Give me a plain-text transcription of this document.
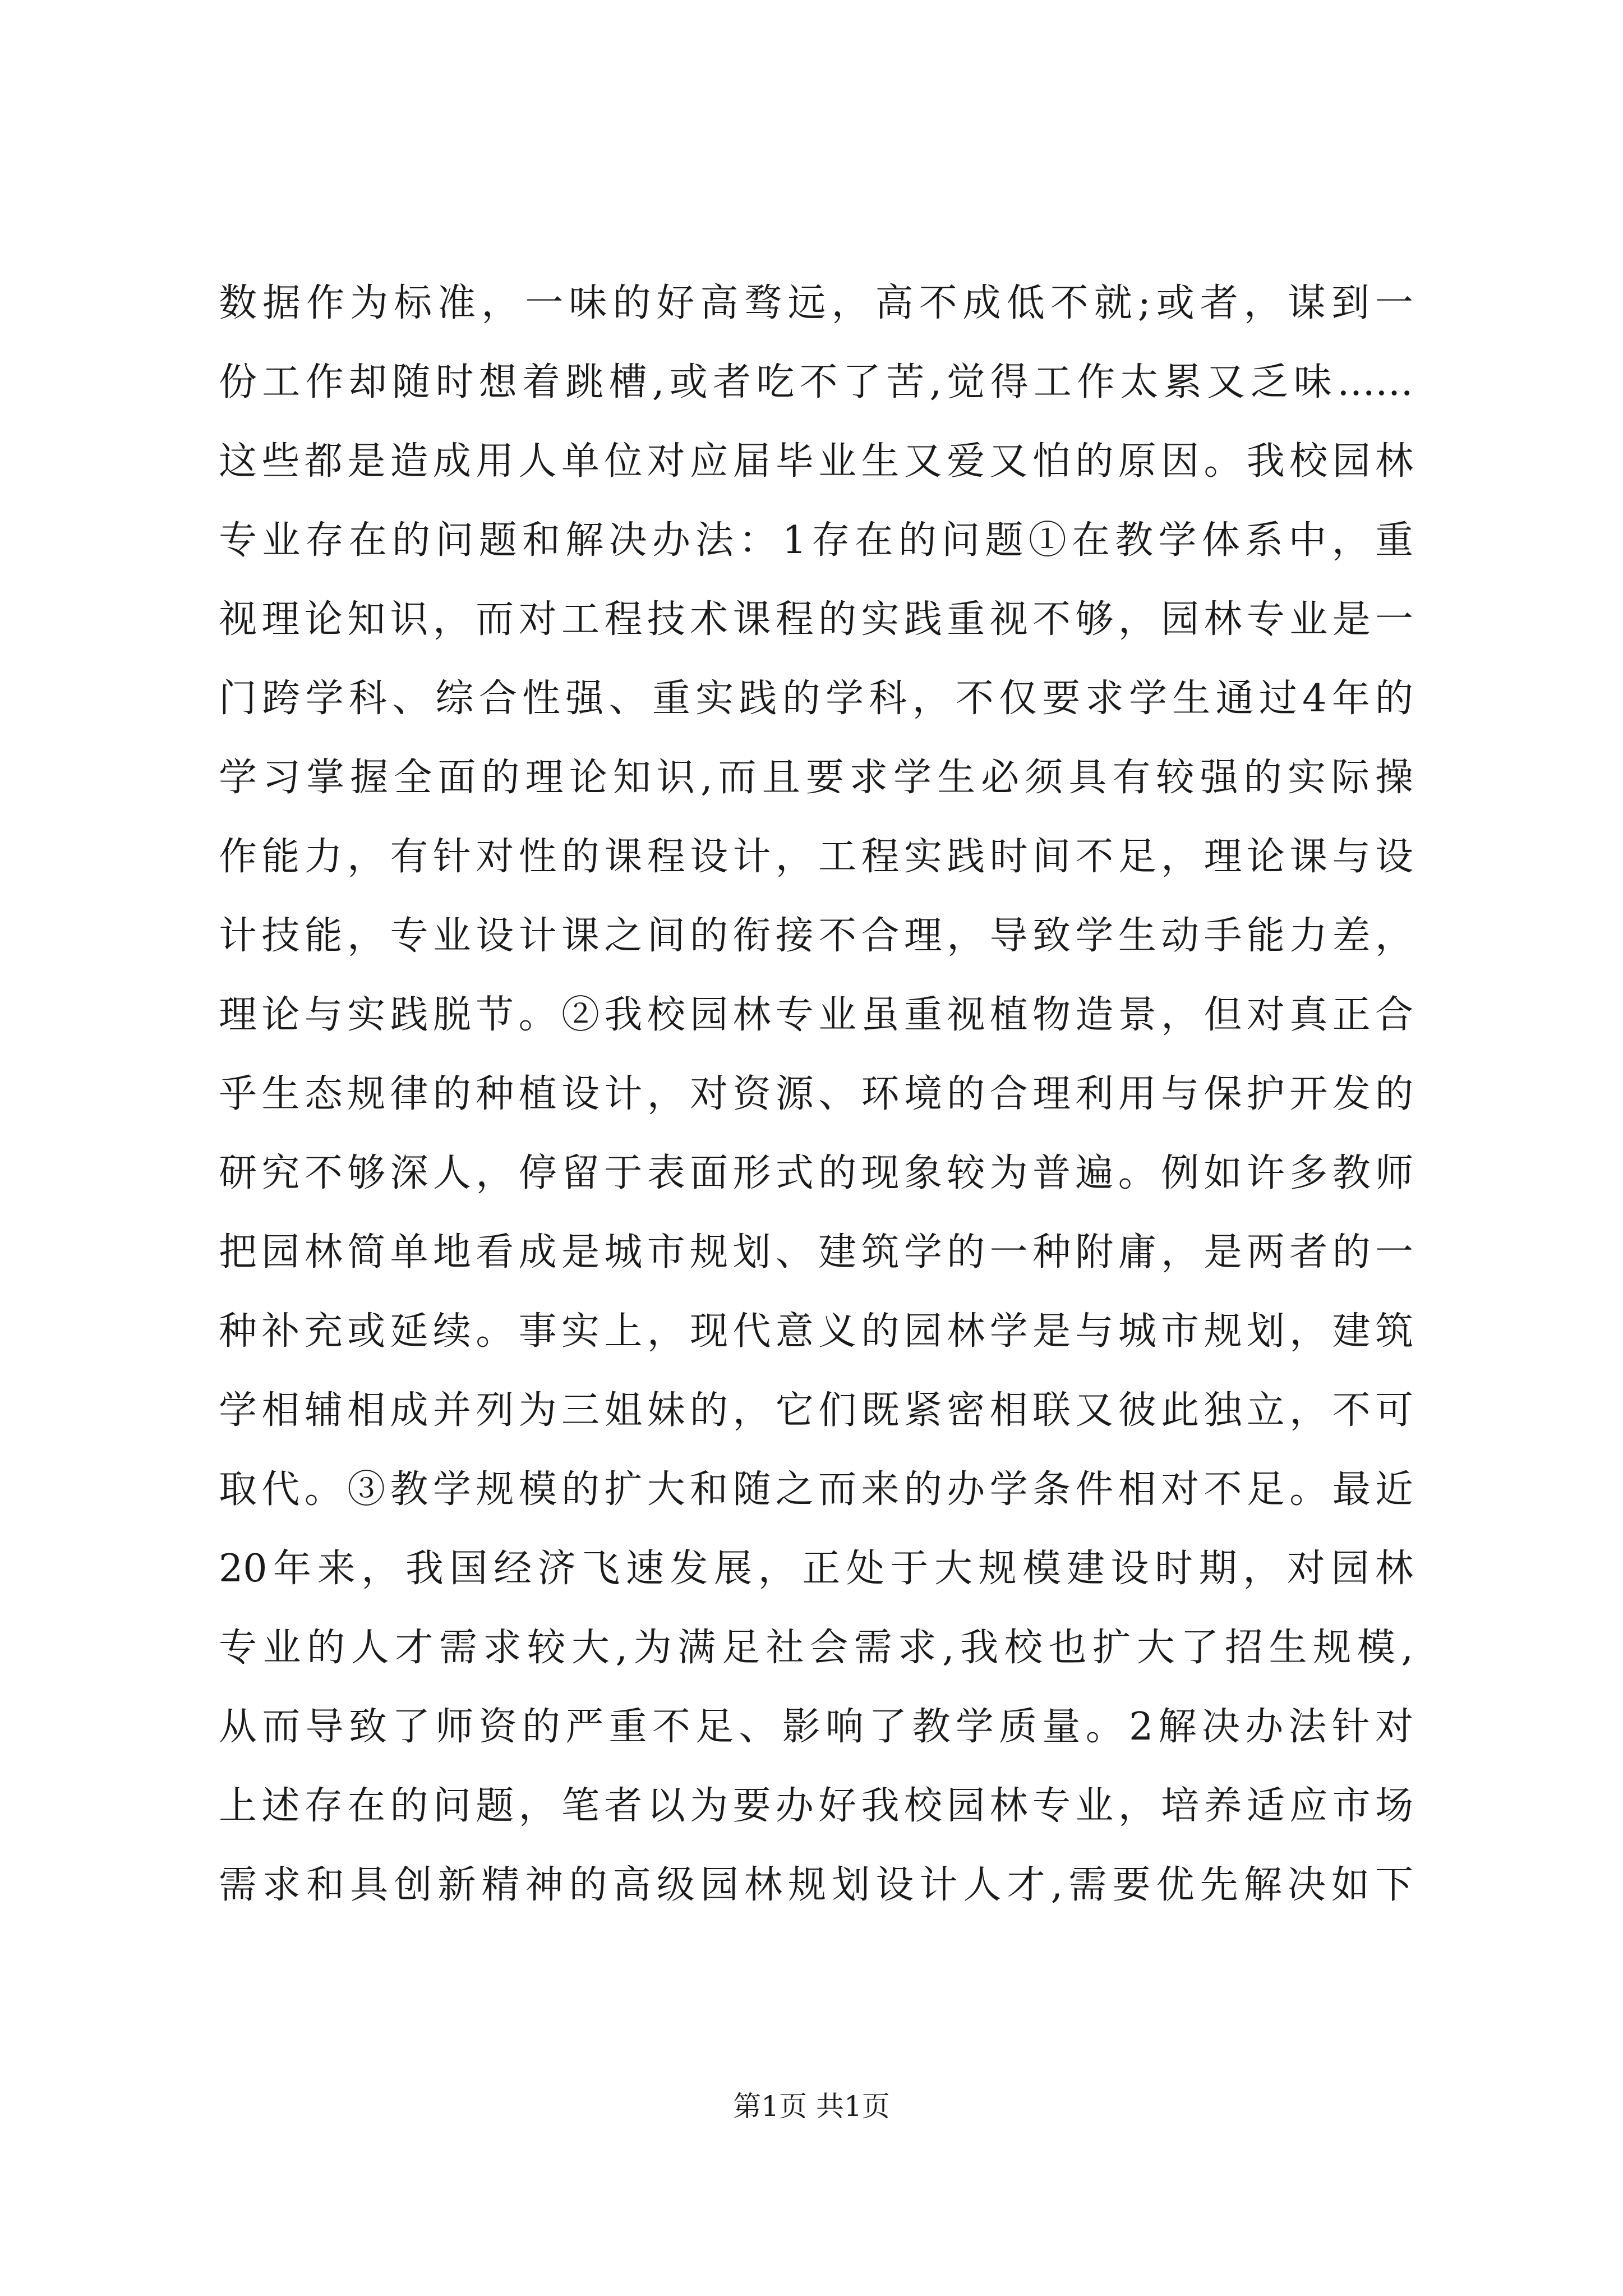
数据作为标准，一味的好高骛远，高不成低不就;或者，谋到一
份工作却随时想着跳槽,或者吃不了苦,觉得工作太累又乏味……
这些都是造成用人单位对应届毕业生又爱又怕的原因。我校园林
专业存在的问题和解决办法：1存在的问题①在教学体系中，重
视理论知识，而对工程技术课程的实践重视不够，园林专业是一
门跨学科、综合性强、重实践的学科，不仅要求学生通过4年的
学习掌握全面的理论知识,而且要求学生必须具有较强的实际操
作能力，有针对性的课程设计，工程实践时间不足，理论课与设
计技能，专业设计课之间的衔接不合理，导致学生动手能力差，
理论与实践脱节。②我校园林专业虽重视植物造景，但对真正合
乎生态规律的种植设计，对资源、环境的合理利用与保护开发的
研究不够深人，停留于表面形式的现象较为普遍。例如许多教师
把园林简单地看成是城市规划、建筑学的一种附庸，是两者的一
种补充或延续。事实上，现代意义的园林学是与城市规划，建筑
学相辅相成并列为三姐妹的，它们既紧密相联又彼此独立，不可
取代。③教学规模的扩大和随之而来的办学条件相对不足。最近
20年来，我国经济飞速发展，正处于大规模建设时期，对园林
专业的人才需求较大,为满足社会需求,我校也扩大了招生规模,
从而导致了师资的严重不足、影响了教学质量。2解决办法针对
上述存在的问题，笔者以为要办好我校园林专业，培养适应市场
需求和具创新精神的高级园林规划设计人才,需要优先解决如下
第1页 共1页
